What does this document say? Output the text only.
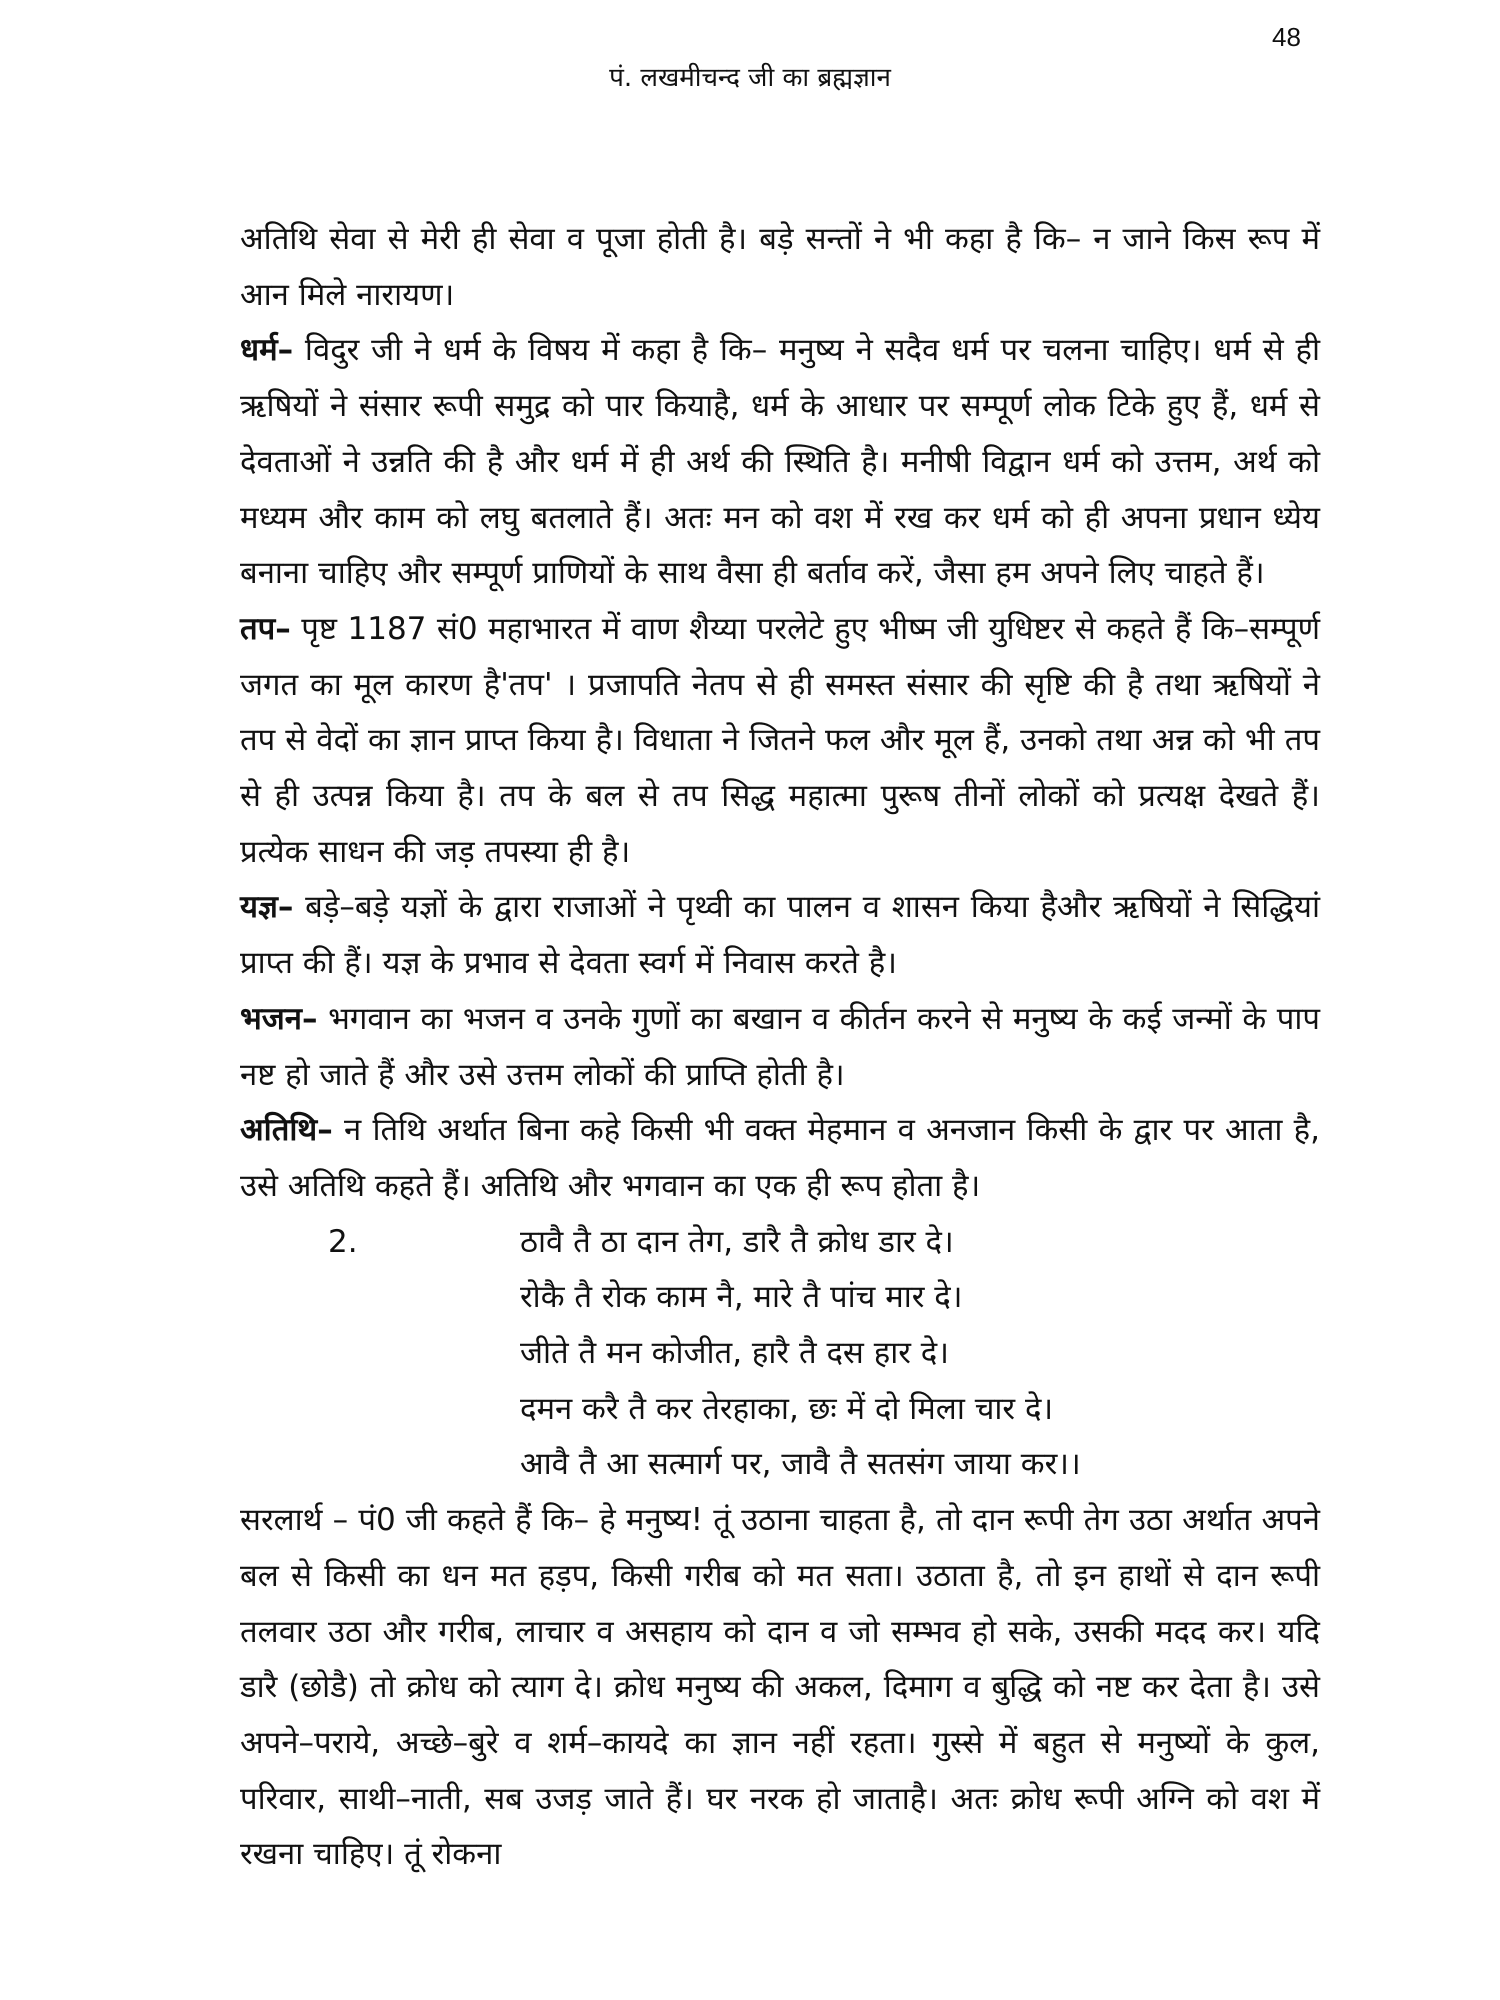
48
पं. लखमीचन्द जी का ब्रह्मज्ञान

अतिथि सेवा से मेरी ही सेवा व पूजा होती है। बड़े सन्तों ने भी कहा है कि– न जाने किस रूप में आन मिले नारायण।

धर्म– विदुर जी ने धर्म के विषय में कहा है कि– मनुष्य ने सदैव धर्म पर चलना चाहिए। धर्म से ही ऋषियों ने संसार रूपी समुद्र को पार कियाहै, धर्म के आधार पर सम्पूर्ण लोक टिके हुए हैं, धर्म से देवताओं ने उन्नति की है और धर्म में ही अर्थ की स्थिति है। मनीषी विद्वान धर्म को उत्तम, अर्थ को मध्यम और काम को लघु बतलाते हैं। अतः मन को वश में रख कर धर्म को ही अपना प्रधान ध्येय बनाना चाहिए और सम्पूर्ण प्राणियों के साथ वैसा ही बर्ताव करें, जैसा हम अपने लिए चाहते हैं।

तप– पृष्ट 1187 सं0 महाभारत में वाण शैय्या परलेटे हुए भीष्म जी युधिष्टर से कहते हैं कि–सम्पूर्ण जगत का मूल कारण है'तप' । प्रजापति नेतप से ही समस्त संसार की सृष्टि की है तथा ऋषियों ने तप से वेदों का ज्ञान प्राप्त किया है। विधाता ने जितने फल और मूल हैं, उनको तथा अन्न को भी तप से ही उत्पन्न किया है। तप के बल से तप सिद्ध महात्मा पुरूष तीनों लोकों को प्रत्यक्ष देखते हैं। प्रत्येक साधन की जड़ तपस्या ही है।

यज्ञ– बड़े–बड़े यज्ञों के द्वारा राजाओं ने पृथ्वी का पालन व शासन किया हैऔर ऋषियों ने सिद्धियां प्राप्त की हैं। यज्ञ के प्रभाव से देवता स्वर्ग में निवास करते है।

भजन– भगवान का भजन व उनके गुणों का बखान व कीर्तन करने से मनुष्य के कई जन्मों के पाप नष्ट हो जाते हैं और उसे उत्तम लोकों की प्राप्ति होती है।

अतिथि– न तिथि अर्थात बिना कहे किसी भी वक्त मेहमान व अनजान किसी के द्वार पर आता है, उसे अतिथि कहते हैं। अतिथि और भगवान का एक ही रूप होता है।

2.	ठावै तै ठा दान तेग, डारै तै क्रोध डार दे।
रोकै तै रोक काम नै, मारे तै पांच मार दे।
जीते तै मन कोजीत, हारै तै दस हार दे।
दमन करै तै कर तेरहाका, छः में दो मिला चार दे।
आवै तै आ सत्मार्ग पर, जावै तै सतसंग जाया कर।।

सरलार्थ – पं0 जी कहते हैं कि– हे मनुष्य! तूं उठाना चाहता है, तो दान रूपी तेग उठा अर्थात अपने बल से किसी का धन मत हड़प, किसी गरीब को मत सता। उठाता है, तो इन हाथों से दान रूपी तलवार उठा और गरीब, लाचार व असहाय को दान व जो सम्भव हो सके, उसकी मदद कर। यदि डारै (छोडै) तो क्रोध को त्याग दे। क्रोध मनुष्य की अकल, दिमाग व बुद्धि को नष्ट कर देता है। उसे अपने–पराये, अच्छे–बुरे व शर्म–कायदे का ज्ञान नहीं रहता। गुस्से में बहुत से मनुष्यों के कुल, परिवार, साथी–नाती, सब उजड़ जाते हैं। घर नरक हो जाताहै। अतः क्रोध रूपी अग्नि को वश में रखना चाहिए। तूं रोकना
